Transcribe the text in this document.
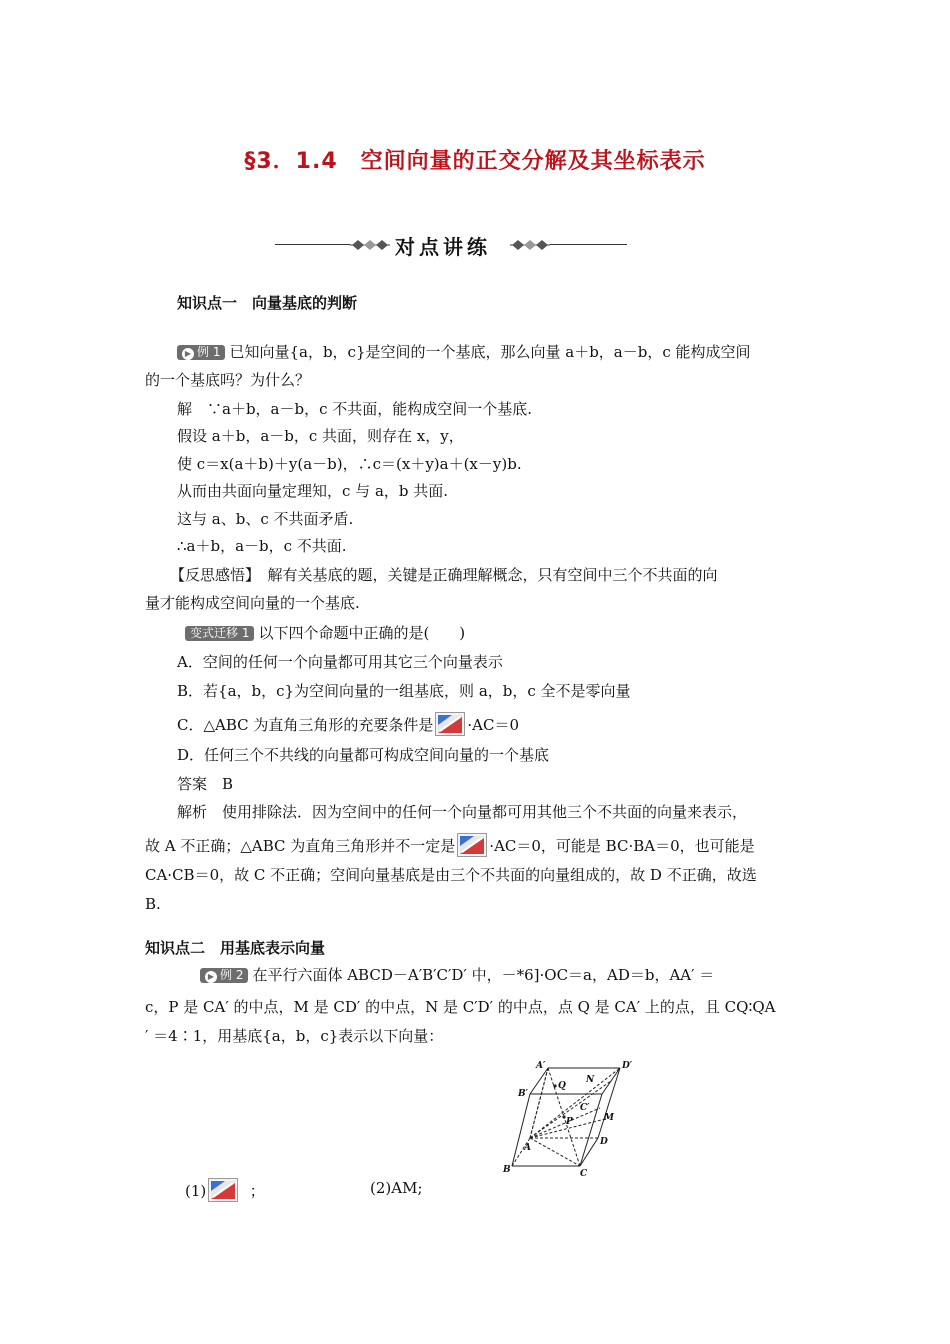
§3．1.4　空间向量的正交分解及其坐标表示
对点讲练
知识点一　向量基底的判断
▶ 例 1 已知向量{a，b，c}是空间的一个基底，那么向量 a＋b，a－b，c 能构成空间
的一个基底吗？为什么？
解　∵a＋b，a－b，c 不共面，能构成空间一个基底.
假设 a＋b，a－b，c 共面，则存在 x，y，
使 c＝x(a＋b)＋y(a－b)，∴c＝(x＋y)a＋(x－y)b.
从而由共面向量定理知，c 与 a，b 共面.
这与 a、b、c 不共面矛盾.
∴a＋b，a－b，c 不共面.
【反思感悟】　解有关基底的题，关键是正确理解概念，只有空间中三个不共面的向
量才能构成空间向量的一个基底.
变式迁移 1 以下四个命题中正确的是(　　)
A．空间的任何一个向量都可用其它三个向量表示
B．若{a，b，c}为空间向量的一组基底，则 a，b，c 全不是零向量
C．△ABC 为直角三角形的充要条件是 ·AC＝0
D．任何三个不共线的向量都可构成空间向量的一个基底
答案　B
解析　使用排除法．因为空间中的任何一个向量都可用其他三个不共面的向量来表示，
故 A 不正确；△ABC 为直角三角形并不一定是 ·AC＝0，可能是 BC·BA＝0，也可能是
CA·CB＝0，故 C 不正确；空间向量基底是由三个不共面的向量组成的，故 D 不正确，故选
B.
知识点二　用基底表示向量
▶ 例 2 在平行六面体 ABCD－A′B′C′D′ 中，－*6]·OC＝a，AD＝b，AA′ ＝
c，P 是 CA′ 的中点，M 是 CD′ 的中点，N 是 C′D′ 的中点，点 Q 是 CA′ 上的点，且 CQ∶QA
′ ＝4∶1，用基底{a，b，c}表示以下向量：
A′	D′
B′
Q
N
C′
P	M
A
D
B	C
(1)	；	(2)AM;
